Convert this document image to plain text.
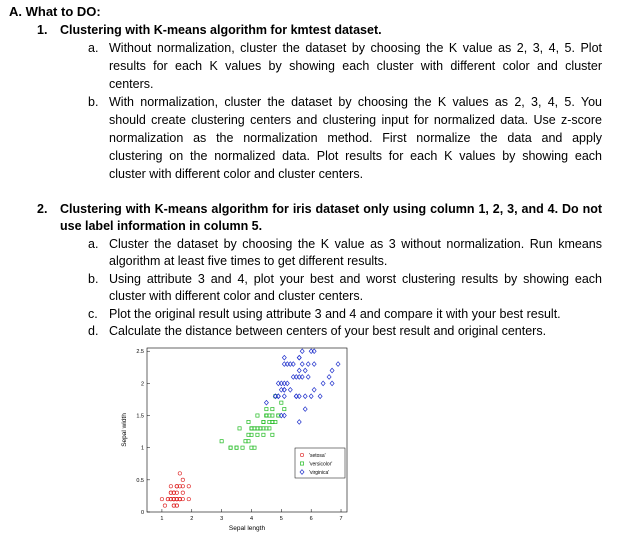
A. What to DO:
1. Clustering with K-means algorithm for kmtest dataset.
a. Without normalization, cluster the dataset by choosing the K value as 2, 3, 4, 5. Plot
results for each K values by showing each cluster with different color and cluster
centers.
b. With normalization, cluster the dataset by choosing the K values as 2, 3, 4, 5. You
should create clustering centers and clustering input for normalized data. Use z-score
normalization as the normalization method. First normalize the data and apply
clustering on the normalized data. Plot results for each K values by showing each
cluster with different color and cluster centers.
2. Clustering with K-means algorithm for iris dataset only using column 1, 2, 3, and 4. Do not
use label information in column 5.
a. Cluster the dataset by choosing the K value as 3 without normalization. Run kmeans
algorithm at least five times to get different results.
b. Using attribute 3 and 4, plot your best and worst clustering results by showing each
cluster with different color and cluster centers.
c. Plot the original result using attribute 3 and 4 and compare it with your best result.
d. Calculate the distance between centers of your best result and original centers.
1	2	3	4	5	6	7
0
0.5
1
1.5
2
2.5
Sepal length
Sepal width
'setosa'
'versicolor'
'virginica'
